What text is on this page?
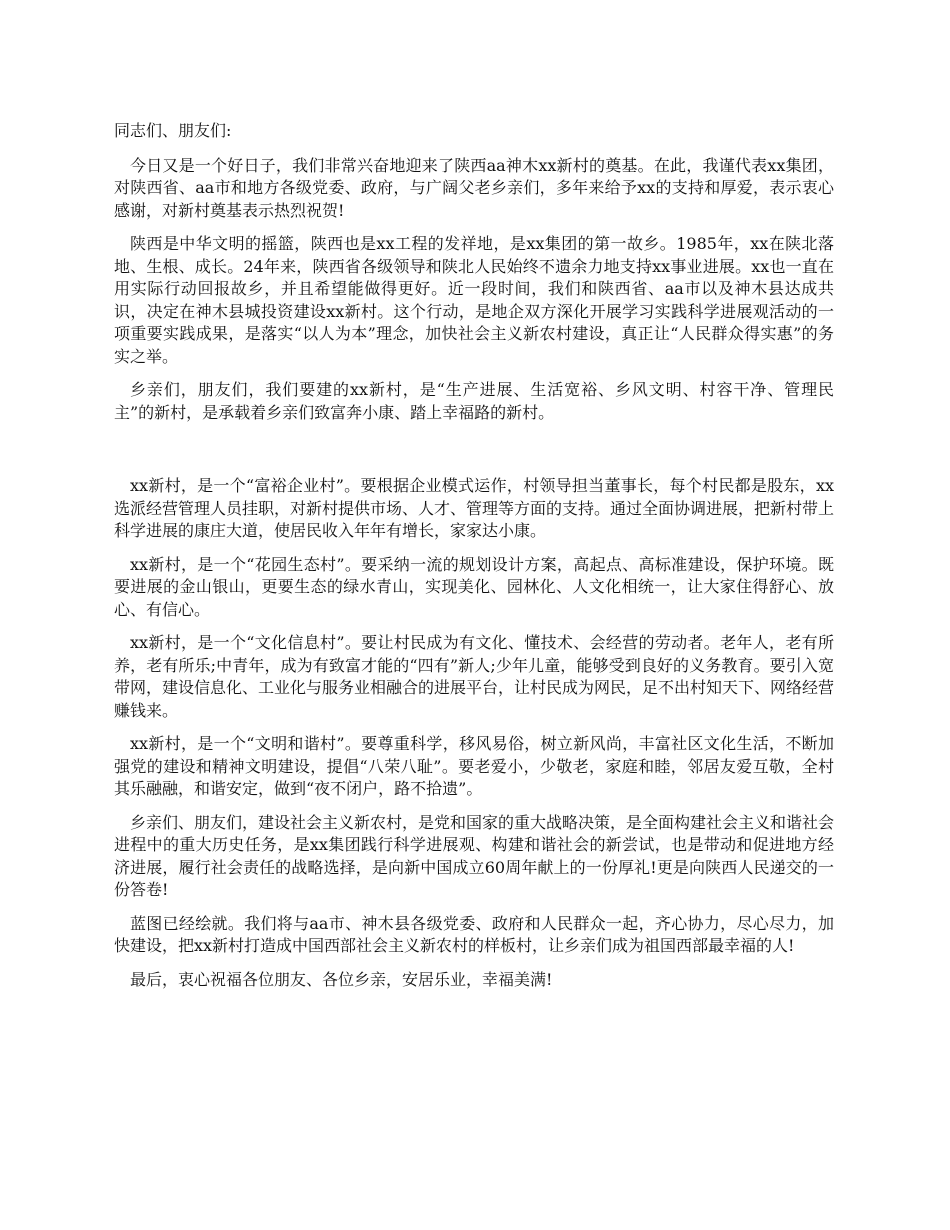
同志们、朋友们:

今日又是一个好日子，我们非常兴奋地迎来了陕西aa神木xx新村的奠基。在此，我谨代表xx集团，对陕西省、aa市和地方各级党委、政府，与广阔父老乡亲们，多年来给予xx的支持和厚爱，表示衷心感谢，对新村奠基表示热烈祝贺!

陕西是中华文明的摇篮，陕西也是xx工程的发祥地，是xx集团的第一故乡。1985年，xx在陕北落地、生根、成长。24年来，陕西省各级领导和陕北人民始终不遗余力地支持xx事业进展。xx也一直在用实际行动回报故乡，并且希望能做得更好。近一段时间，我们和陕西省、aa市以及神木县达成共识，决定在神木县城投资建设xx新村。这个行动，是地企双方深化开展学习实践科学进展观活动的一项重要实践成果，是落实“以人为本”理念，加快社会主义新农村建设，真正让“人民群众得实惠”的务实之举。

乡亲们，朋友们，我们要建的xx新村，是“生产进展、生活宽裕、乡风文明、村容干净、管理民主”的新村，是承载着乡亲们致富奔小康、踏上幸福路的新村。

xx新村，是一个“富裕企业村”。要根据企业模式运作，村领导担当董事长，每个村民都是股东，xx选派经营管理人员挂职，对新村提供市场、人才、管理等方面的支持。通过全面协调进展，把新村带上科学进展的康庄大道，使居民收入年年有增长，家家达小康。

xx新村，是一个“花园生态村”。要采纳一流的规划设计方案，高起点、高标准建设，保护环境。既要进展的金山银山，更要生态的绿水青山，实现美化、园林化、人文化相统一，让大家住得舒心、放心、有信心。

xx新村，是一个“文化信息村”。要让村民成为有文化、懂技术、会经营的劳动者。老年人，老有所养，老有所乐;中青年，成为有致富才能的“四有”新人;少年儿童，能够受到良好的义务教育。要引入宽带网，建设信息化、工业化与服务业相融合的进展平台，让村民成为网民，足不出村知天下、网络经营赚钱来。

xx新村，是一个“文明和谐村”。要尊重科学，移风易俗，树立新风尚，丰富社区文化生活，不断加强党的建设和精神文明建设，提倡“八荣八耻”。要老爱小，少敬老，家庭和睦，邻居友爱互敬，全村其乐融融，和谐安定，做到“夜不闭户，路不拾遗”。

乡亲们、朋友们，建设社会主义新农村，是党和国家的重大战略决策，是全面构建社会主义和谐社会进程中的重大历史任务，是xx集团践行科学进展观、构建和谐社会的新尝试，也是带动和促进地方经济进展，履行社会责任的战略选择，是向新中国成立60周年献上的一份厚礼!更是向陕西人民递交的一份答卷!

蓝图已经绘就。我们将与aa市、神木县各级党委、政府和人民群众一起，齐心协力，尽心尽力，加快建设，把xx新村打造成中国西部社会主义新农村的样板村，让乡亲们成为祖国西部最幸福的人!

最后，衷心祝福各位朋友、各位乡亲，安居乐业，幸福美满!
